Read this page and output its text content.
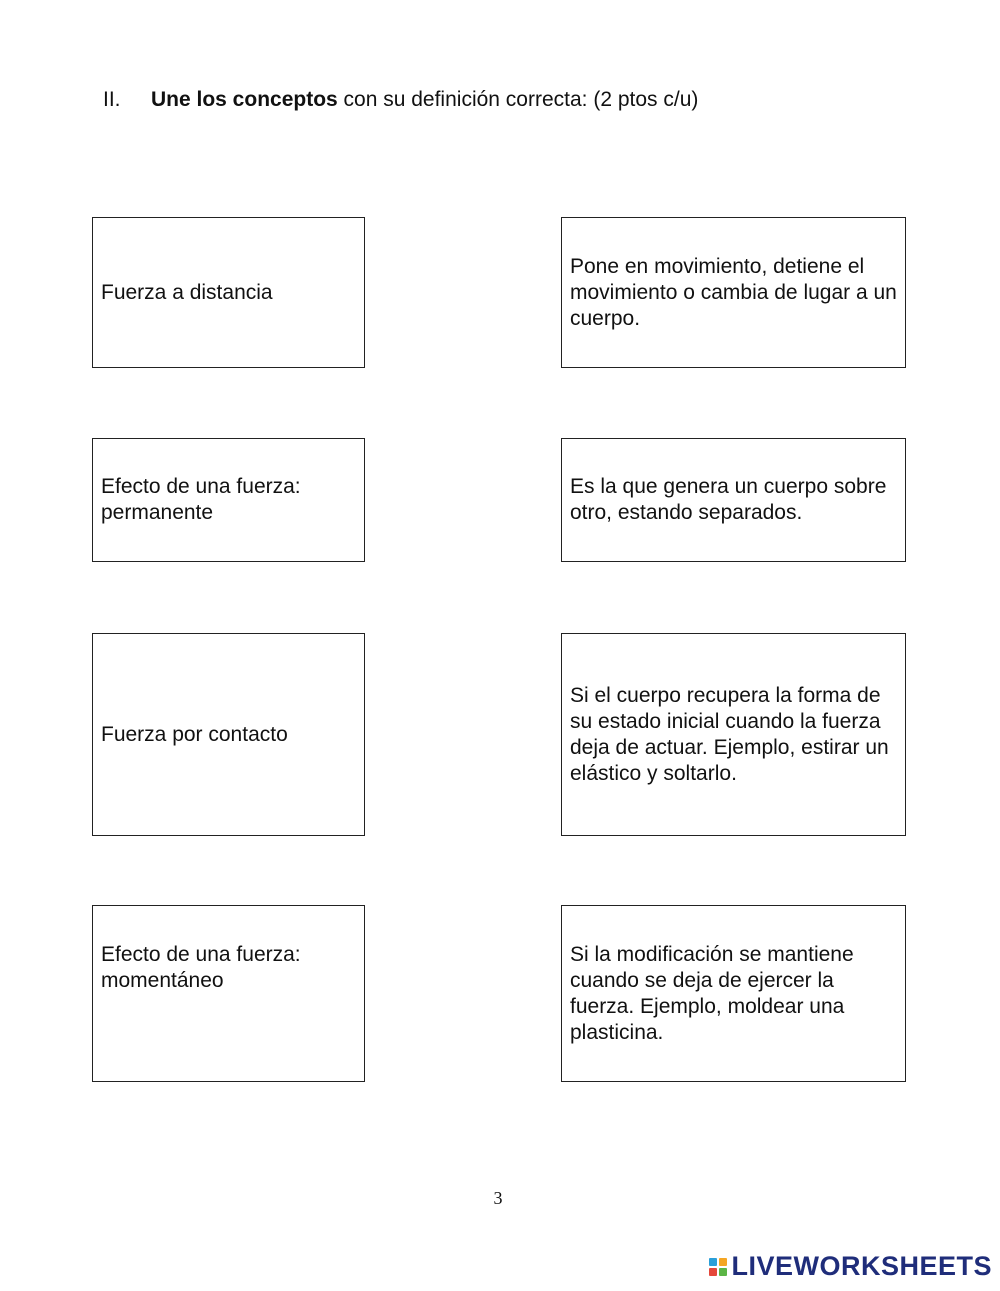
II. Une los conceptos con su definición correcta: (2 ptos c/u)
Fuerza a distancia
Efecto de una fuerza: permanente
Fuerza por contacto
Efecto de una fuerza: momentáneo
Pone en movimiento, detiene el movimiento o cambia de lugar a un cuerpo.
Es la que genera un cuerpo sobre otro, estando separados.
Si el cuerpo recupera la forma de su estado inicial cuando la fuerza deja de actuar. Ejemplo, estirar un elástico y soltarlo.
Si la modificación se mantiene cuando se deja de ejercer la fuerza. Ejemplo, moldear una plasticina.
3
LIVEWORKSHEETS
